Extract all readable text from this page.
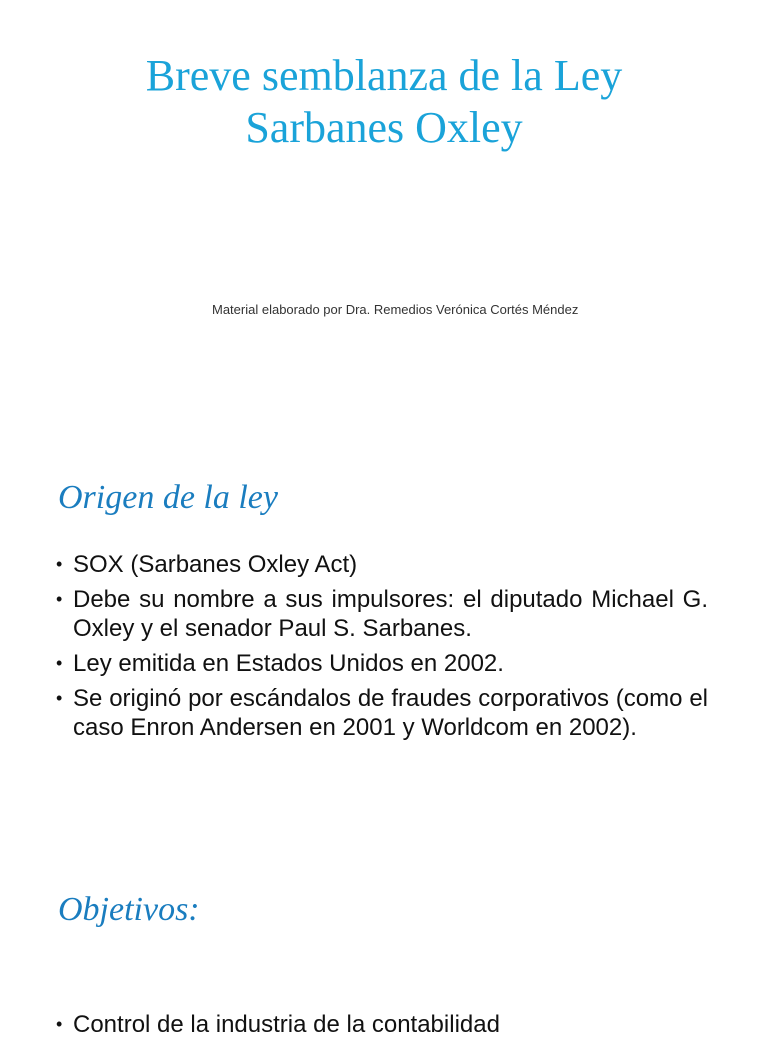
Breve semblanza de la Ley
Sarbanes Oxley

Material elaborado por Dra. Remedios Verónica Cortés Méndez

Origen de la ley
• SOX (Sarbanes Oxley Act)
• Debe su nombre a sus impulsores: el diputado Michael G. Oxley y el senador Paul S. Sarbanes.
• Ley emitida en Estados Unidos en 2002.
• Se originó por escándalos de fraudes corporativos (como el caso Enron Andersen en 2001 y Worldcom en 2002).
Objetivos:
• Control de la industria de la contabilidad
